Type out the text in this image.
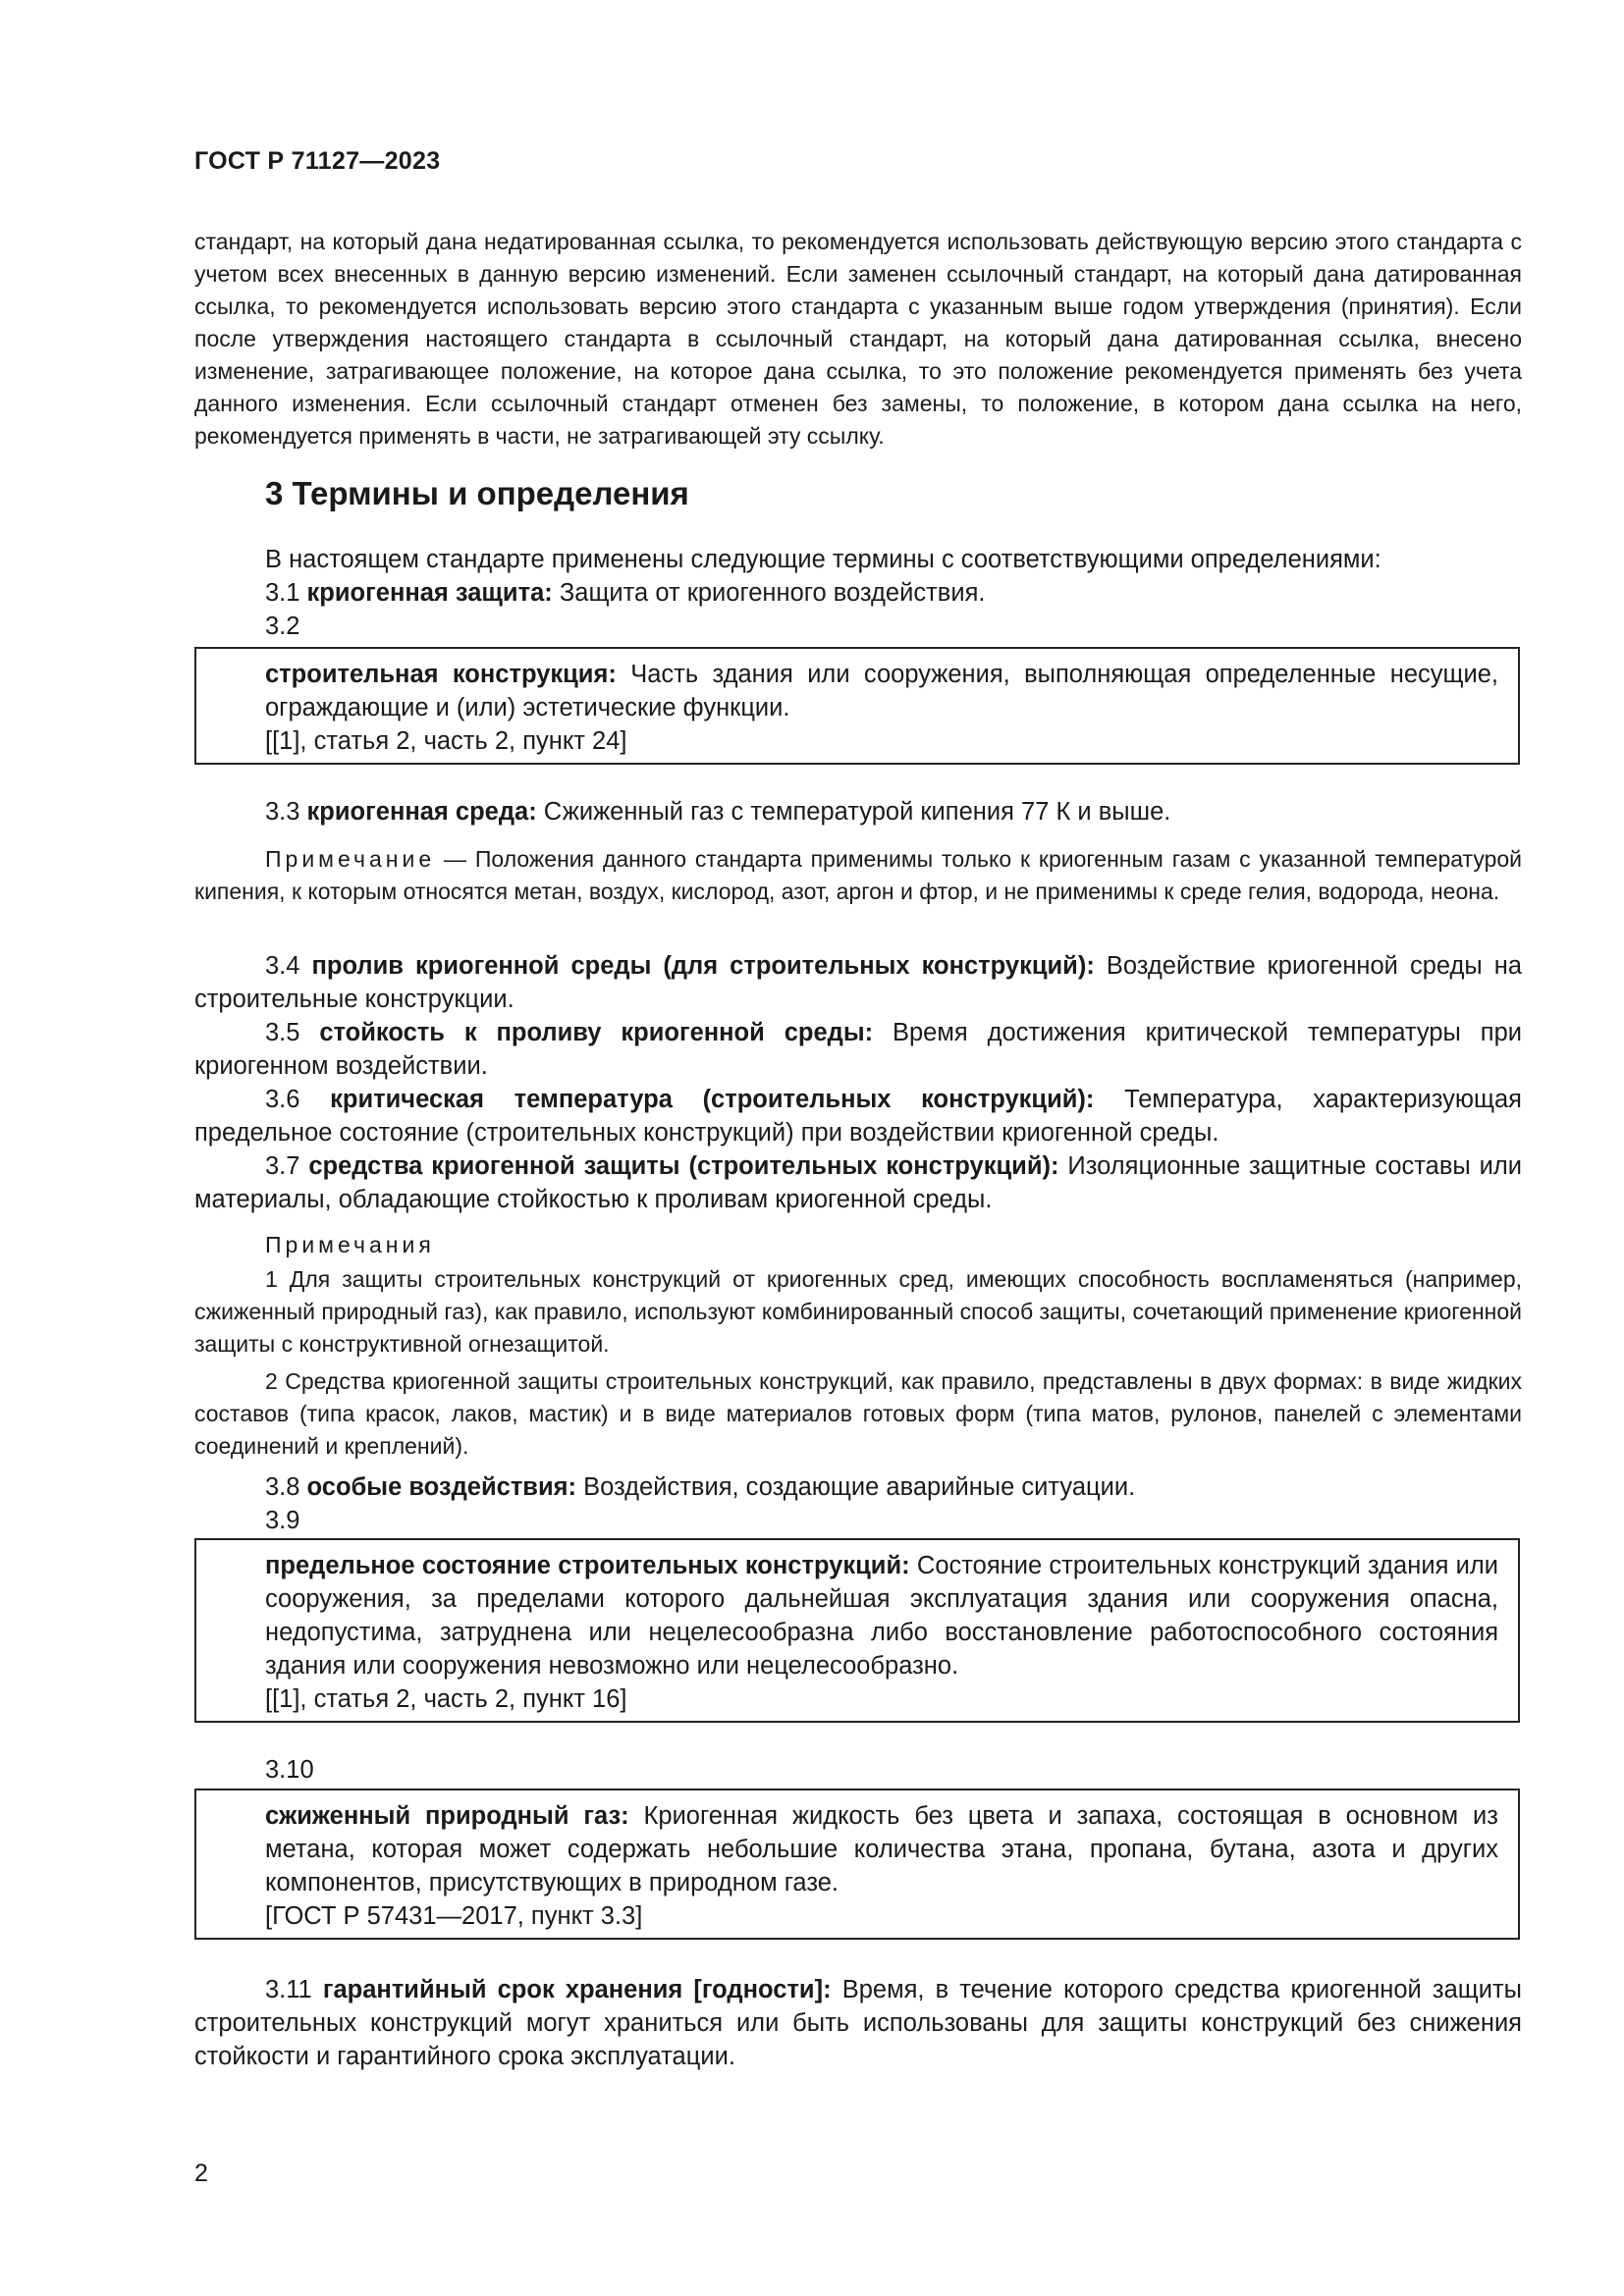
ГОСТ Р 71127—2023

стандарт, на который дана недатированная ссылка, то рекомендуется использовать действующую версию этого стандарта с учетом всех внесенных в данную версию изменений. Если заменен ссылочный стандарт, на который дана датированная ссылка, то рекомендуется использовать версию этого стандарта с указанным выше годом утверждения (принятия). Если после утверждения настоящего стандарта в ссылочный стандарт, на который дана датированная ссылка, внесено изменение, затрагивающее положение, на которое дана ссылка, то это положение рекомендуется применять без учета данного изменения. Если ссылочный стандарт отменен без замены, то положение, в котором дана ссылка на него, рекомендуется применять в части, не затрагивающей эту ссылку.

3 Термины и определения
В настоящем стандарте применены следующие термины с соответствующими определениями:
3.1 криогенная защита: Защита от криогенного воздействия.
3.2

строительная конструкция: Часть здания или сооружения, выполняющая определенные несущие, ограждающие и (или) эстетические функции.

[[1], статья 2, часть 2, пункт 24]
3.3 криогенная среда: Сжиженный газ с температурой кипения 77 К и выше.

Примечание — Положения данного стандарта применимы только к криогенным газам с указанной температурой кипения, к которым относятся метан, воздух, кислород, азот, аргон и фтор, и не применимы к среде гелия, водорода, неона.

3.4 пролив криогенной среды (для строительных конструкций): Воздействие криогенной среды на строительные конструкции.

3.5 стойкость к проливу криогенной среды: Время достижения критической температуры при криогенном воздействии.

3.6 критическая температура (строительных конструкций): Температура, характеризующая предельное состояние (строительных конструкций) при воздействии криогенной среды.

3.7 средства криогенной защиты (строительных конструкций): Изоляционные защитные составы или материалы, обладающие стойкостью к проливам криогенной среды.

Примечания

1 Для защиты строительных конструкций от криогенных сред, имеющих способность воспламеняться (например, сжиженный природный газ), как правило, используют комбинированный способ защиты, сочетающий применение криогенной защиты с конструктивной огнезащитой.

2 Средства криогенной защиты строительных конструкций, как правило, представлены в двух формах: в виде жидких составов (типа красок, лаков, мастик) и в виде материалов готовых форм (типа матов, рулонов, панелей с элементами соединений и креплений).

3.8 особые воздействия: Воздействия, создающие аварийные ситуации.
3.9

предельное состояние строительных конструкций: Состояние строительных конструкций здания или сооружения, за пределами которого дальнейшая эксплуатация здания или сооружения опасна, недопустима, затруднена или нецелесообразна либо восстановление работоспособного состояния здания или сооружения невозможно или нецелесообразно.

[[1], статья 2, часть 2, пункт 16]
3.10

сжиженный природный газ: Криогенная жидкость без цвета и запаха, состоящая в основном из метана, которая может содержать небольшие количества этана, пропана, бутана, азота и других компонентов, присутствующих в природном газе.

[ГОСТ Р 57431—2017, пункт 3.3]

3.11 гарантийный срок хранения [годности]: Время, в течение которого средства криогенной защиты строительных конструкций могут храниться или быть использованы для защиты конструкций без снижения стойкости и гарантийного срока эксплуатации.

2
